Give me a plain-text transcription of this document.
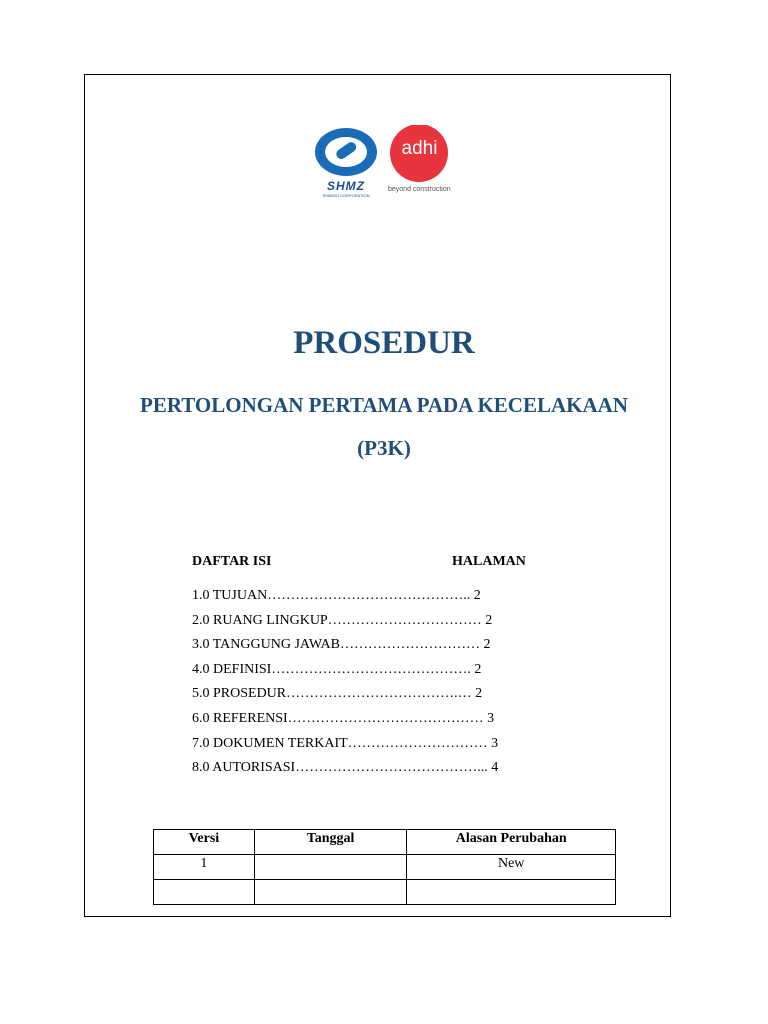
SHMZ
SHIMIZU CORPORATION
adhi
beyond construction
PROSEDUR
PERTOLONGAN PERTAMA PADA KECELAKAAN
(P3K)
DAFTAR ISI	HALAMAN
1.0 TUJUAN…………………………………….. 2
2.0 RUANG LINGKUP…………………………… 2
3.0 TANGGUNG JAWAB………………………… 2
4.0 DEFINISI……………………………………. 2
5.0 PROSEDUR……………………………….… 2
6.0 REFERENSI…………………………………… 3
7.0 DOKUMEN TERKAIT………………………… 3
8.0 AUTORISASI…………………………………... 4
Versi	Tanggal	Alasan Perubahan
1		New
